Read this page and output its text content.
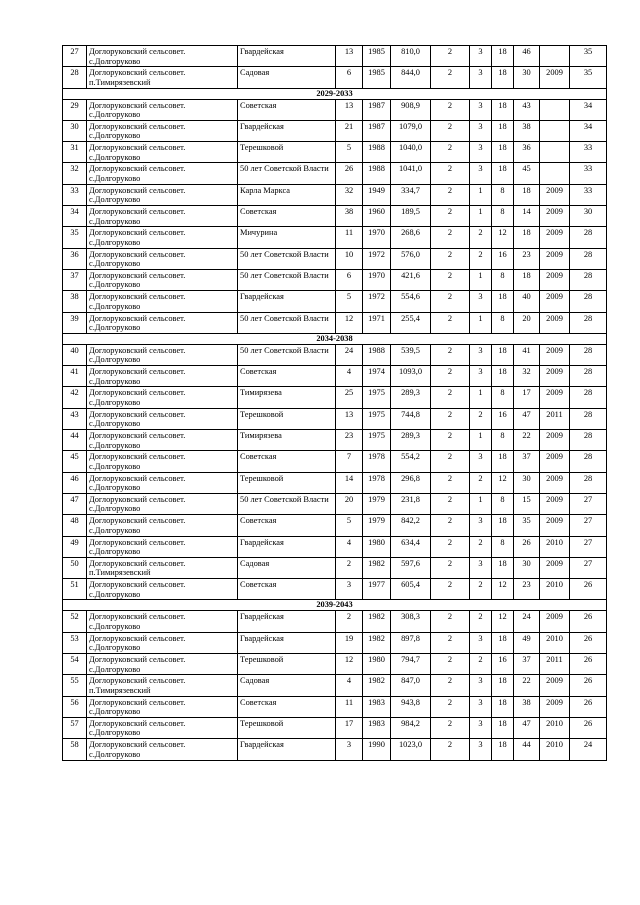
27	Доглоруковский сельсовет. с.Долгоруково	Гвардейская	13	1985	810,0	2	3	18	46		35
28	Доглоруковский сельсовет. п.Тимирязевский	Садовая	6	1985	844,0	2	3	18	30	2009	35
2029-2033											
29	Доглоруковский сельсовет. с.Долгоруково	Советская	13	1987	908,9	2	3	18	43		34
30	Доглоруковский сельсовет. с.Долгоруково	Гвардейская	21	1987	1079,0	2	3	18	38		34
31	Доглоруковский сельсовет. с.Долгоруково	Терешковой	5	1988	1040,0	2	3	18	36		33
32	Доглоруковский сельсовет. с.Долгоруково	50 лет Советской Власти	26	1988	1041,0	2	3	18	45		33
33	Доглоруковский сельсовет. с.Долгоруково	Карла Маркса	32	1949	334,7	2	1	8	18	2009	33
34	Доглоруковский сельсовет. с.Долгоруково	Советская	38	1960	189,5	2	1	8	14	2009	30
35	Доглоруковский сельсовет. с.Долгоруково	Мичурина	11	1970	268,6	2	2	12	18	2009	28
36	Доглоруковский сельсовет. с.Долгоруково	50 лет Советской Власти	10	1972	576,0	2	2	16	23	2009	28
37	Доглоруковский сельсовет. с.Долгоруково	50 лет Советской Власти	6	1970	421,6	2	1	8	18	2009	28
38	Доглоруковский сельсовет. с.Долгоруково	Гвардейская	5	1972	554,6	2	3	18	40	2009	28
39	Доглоруковский сельсовет. с.Долгоруково	50 лет Советской Власти	12	1971	255,4	2	1	8	20	2009	28
2034-2038											
40	Доглоруковский сельсовет. с.Долгоруково	50 лет Советской Власти	24	1988	539,5	2	3	18	41	2009	28
41	Доглоруковский сельсовет. с.Долгоруково	Советская	4	1974	1093,0	2	3	18	32	2009	28
42	Доглоруковский сельсовет. с.Долгоруково	Тимирязева	25	1975	289,3	2	1	8	17	2009	28
43	Доглоруковский сельсовет. с.Долгоруково	Терешковой	13	1975	744,8	2	2	16	47	2011	28
44	Доглоруковский сельсовет. с.Долгоруково	Тимирязева	23	1975	289,3	2	1	8	22	2009	28
45	Доглоруковский сельсовет. с.Долгоруково	Советская	7	1978	554,2	2	3	18	37	2009	28
46	Доглоруковский сельсовет. с.Долгоруково	Терешковой	14	1978	296,8	2	2	12	30	2009	28
47	Доглоруковский сельсовет. с.Долгоруково	50 лет Советской Власти	20	1979	231,8	2	1	8	15	2009	27
48	Доглоруковский сельсовет. с.Долгоруково	Советская	5	1979	842,2	2	3	18	35	2009	27
49	Доглоруковский сельсовет. с.Долгоруково	Гвардейская	4	1980	634,4	2	2	8	26	2010	27
50	Доглоруковский сельсовет. п.Тимирязевский	Садовая	2	1982	597,6	2	3	18	30	2009	27
51	Доглоруковский сельсовет. с.Долгоруково	Советская	3	1977	605,4	2	2	12	23	2010	26
2039-2043											
52	Доглоруковский сельсовет. с.Долгоруково	Гвардейская	2	1982	308,3	2	2	12	24	2009	26
53	Доглоруковский сельсовет. с.Долгоруково	Гвардейская	19	1982	897,8	2	3	18	49	2010	26
54	Доглоруковский сельсовет. с.Долгоруково	Терешковой	12	1980	794,7	2	2	16	37	2011	26
55	Доглоруковский сельсовет. п.Тимирязевский	Садовая	4	1982	847,0	2	3	18	22	2009	26
56	Доглоруковский сельсовет. с.Долгоруково	Советская	11	1983	943,8	2	3	18	38	2009	26
57	Доглоруковский сельсовет. с.Долгоруково	Терешковой	17	1983	984,2	2	3	18	47	2010	26
58	Доглоруковский сельсовет. с.Долгоруково	Гвардейская	3	1990	1023,0	2	3	18	44	2010	24
